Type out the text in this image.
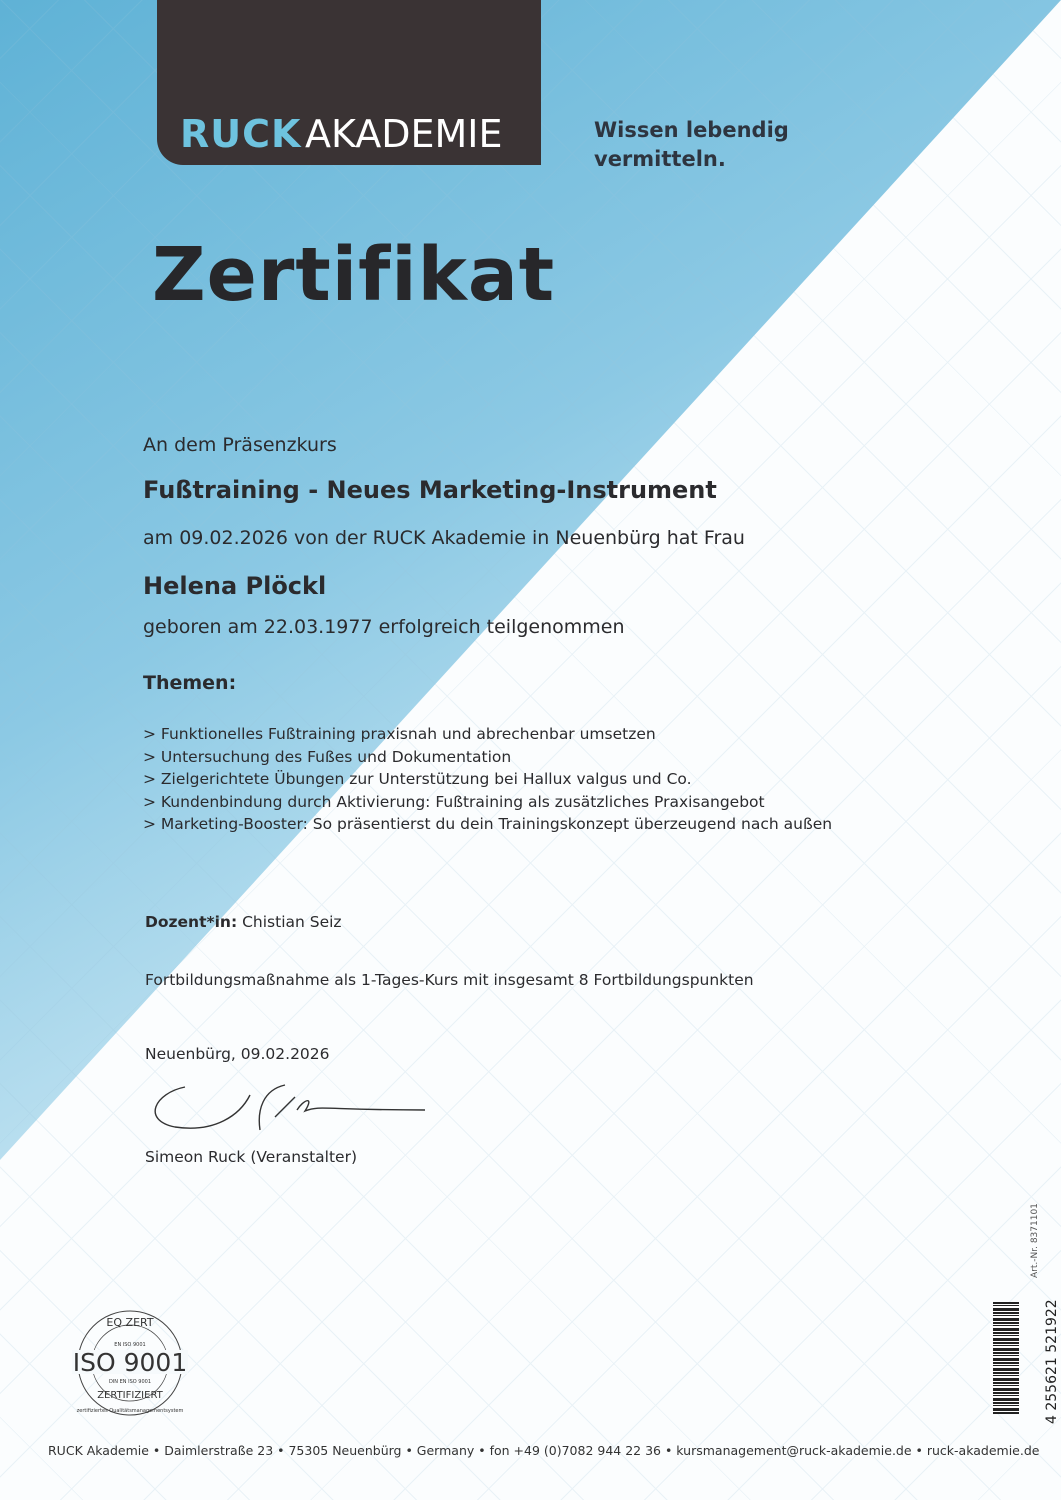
RUCK AKADEMIE	Wissen lebendig
vermitteln.
Zertifikat
An dem Präsenzkurs
Fußtraining - Neues Marketing-Instrument
am 09.02.2026 von der RUCK Akademie in Neuenbürg hat Frau
Helena Plöckl
geboren am 22.03.1977 erfolgreich teilgenommen
Themen:
> Funktionelles Fußtraining praxisnah und abrechenbar umsetzen
> Untersuchung des Fußes und Dokumentation
> Zielgerichtete Übungen zur Unterstützung bei Hallux valgus und Co.
> Kundenbindung durch Aktivierung: Fußtraining als zusätzliches Praxisangebot
> Marketing-Booster: So präsentierst du dein Trainingskonzept überzeugend nach außen
Dozent*in: Chistian Seiz
Fortbildungsmaßnahme als 1-Tages-Kurs mit insgesamt 8 Fortbildungspunkten
Neuenbürg, 09.02.2026
Simeon Ruck (Veranstalter)
EQ ZERT
EN ISO 9001
ISO 9001
DIN EN ISO 9001
ZERTIFIZIERT
zertifiziertes Qualitätsmanagementsystem
Art.-Nr. 8371101
4 255621 521922
RUCK Akademie • Daimlerstraße 23 • 75305 Neuenbürg • Germany • fon +49 (0)7082 944 22 36 • kursmanagement@ruck-akademie.de • ruck-akademie.de
